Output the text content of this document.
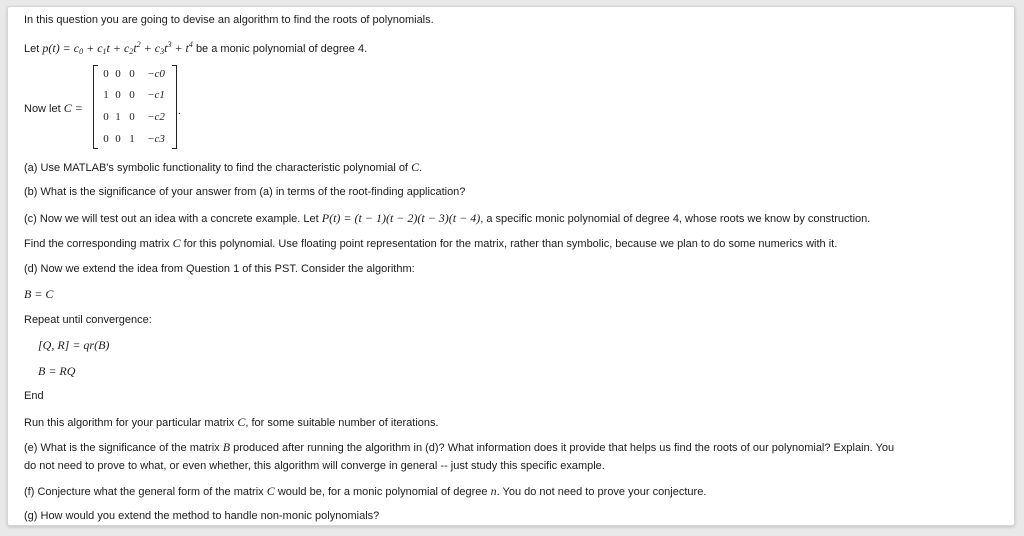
In this question you are going to devise an algorithm to find the roots of polynomials.
Let $p(t) = c_0 + c_1t + c_2t^2 + c_3t^3 + t^4$ be a monic polynomial of degree 4.
Now let C =
0 0 0	−c0
1 0 0	−c1
0 1 0	−c2
0 0 1	−c3
.
(a) Use MATLAB's symbolic functionality to find the characteristic polynomial of C.
(b) What is the significance of your answer from (a) in terms of the root-finding application?
(c) Now we will test out an idea with a concrete example. Let P(t) = (t − 1)(t − 2)(t − 3)(t − 4), a specific monic polynomial of degree 4, whose roots we know by construction.
Find the corresponding matrix C for this polynomial. Use floating point representation for the matrix, rather than symbolic, because we plan to do some numerics with it.
(d) Now we extend the idea from Question 1 of this PST. Consider the algorithm:
B = C
Repeat until convergence:
[Q, R] = qr(B)
B = RQ
End
Run this algorithm for your particular matrix C, for some suitable number of iterations.
(e) What is the significance of the matrix B produced after running the algorithm in (d)? What information does it provide that helps us find the roots of our polynomial? Explain. You
do not need to prove to what, or even whether, this algorithm will converge in general -- just study this specific example.
(f) Conjecture what the general form of the matrix C would be, for a monic polynomial of degree n. You do not need to prove your conjecture.
(g) How would you extend the method to handle non-monic polynomials?
